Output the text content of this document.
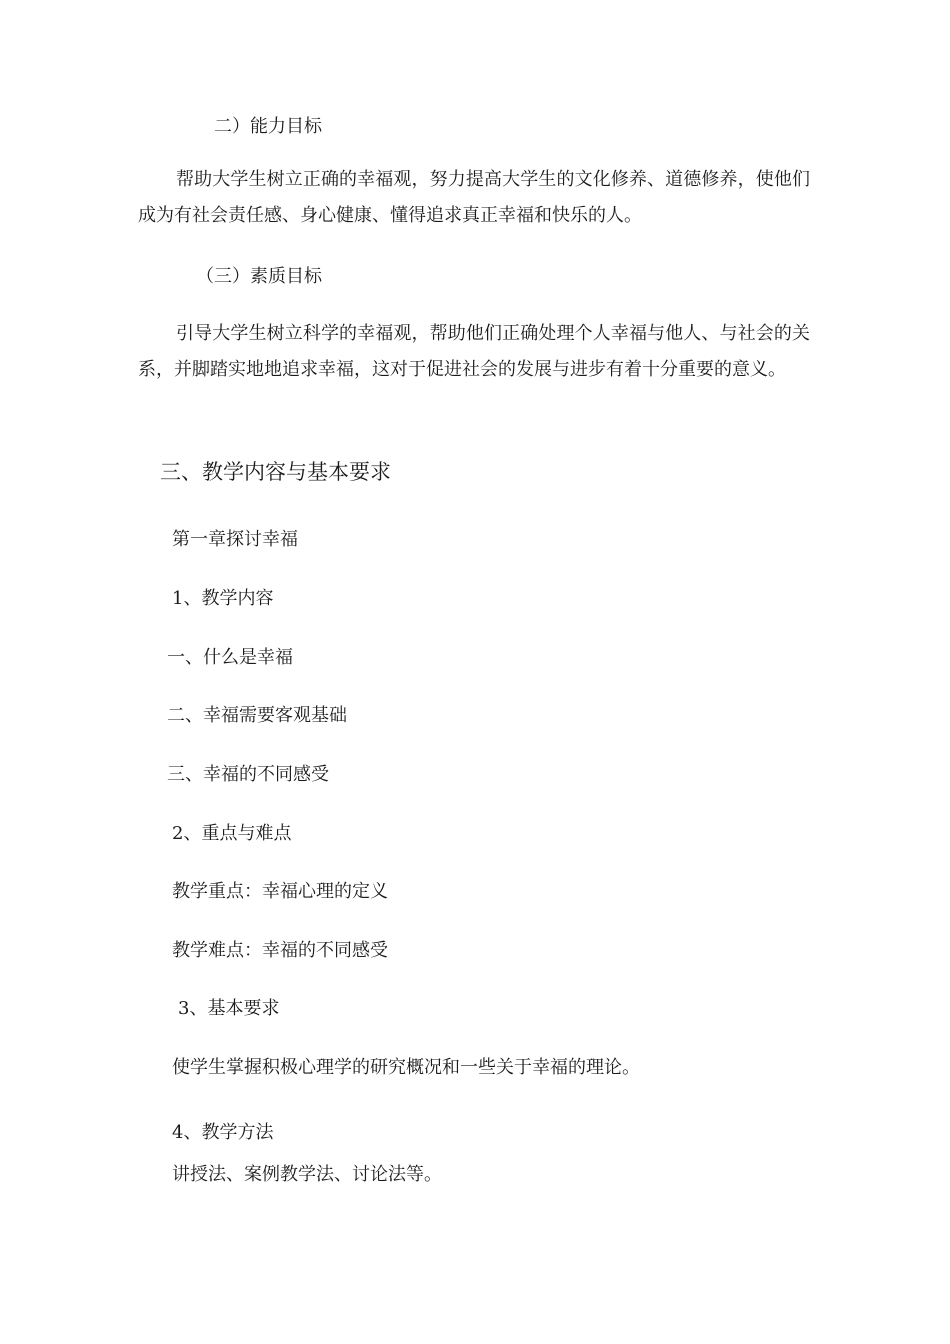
二）能力目标
帮助大学生树立正确的幸福观，努力提高大学生的文化修养、道德修养，使他们成为有社会责任感、身心健康、懂得追求真正幸福和快乐的人。
（三）素质目标
引导大学生树立科学的幸福观，帮助他们正确处理个人幸福与他人、与社会的关系，并脚踏实地地追求幸福，这对于促进社会的发展与进步有着十分重要的意义。
三、教学内容与基本要求
第一章探讨幸福
1、教学内容
一、什么是幸福
二、幸福需要客观基础
三、幸福的不同感受
2、重点与难点
教学重点：幸福心理的定义
教学难点：幸福的不同感受
3、基本要求
使学生掌握积极心理学的研究概况和一些关于幸福的理论。
4、教学方法
讲授法、案例教学法、讨论法等。
